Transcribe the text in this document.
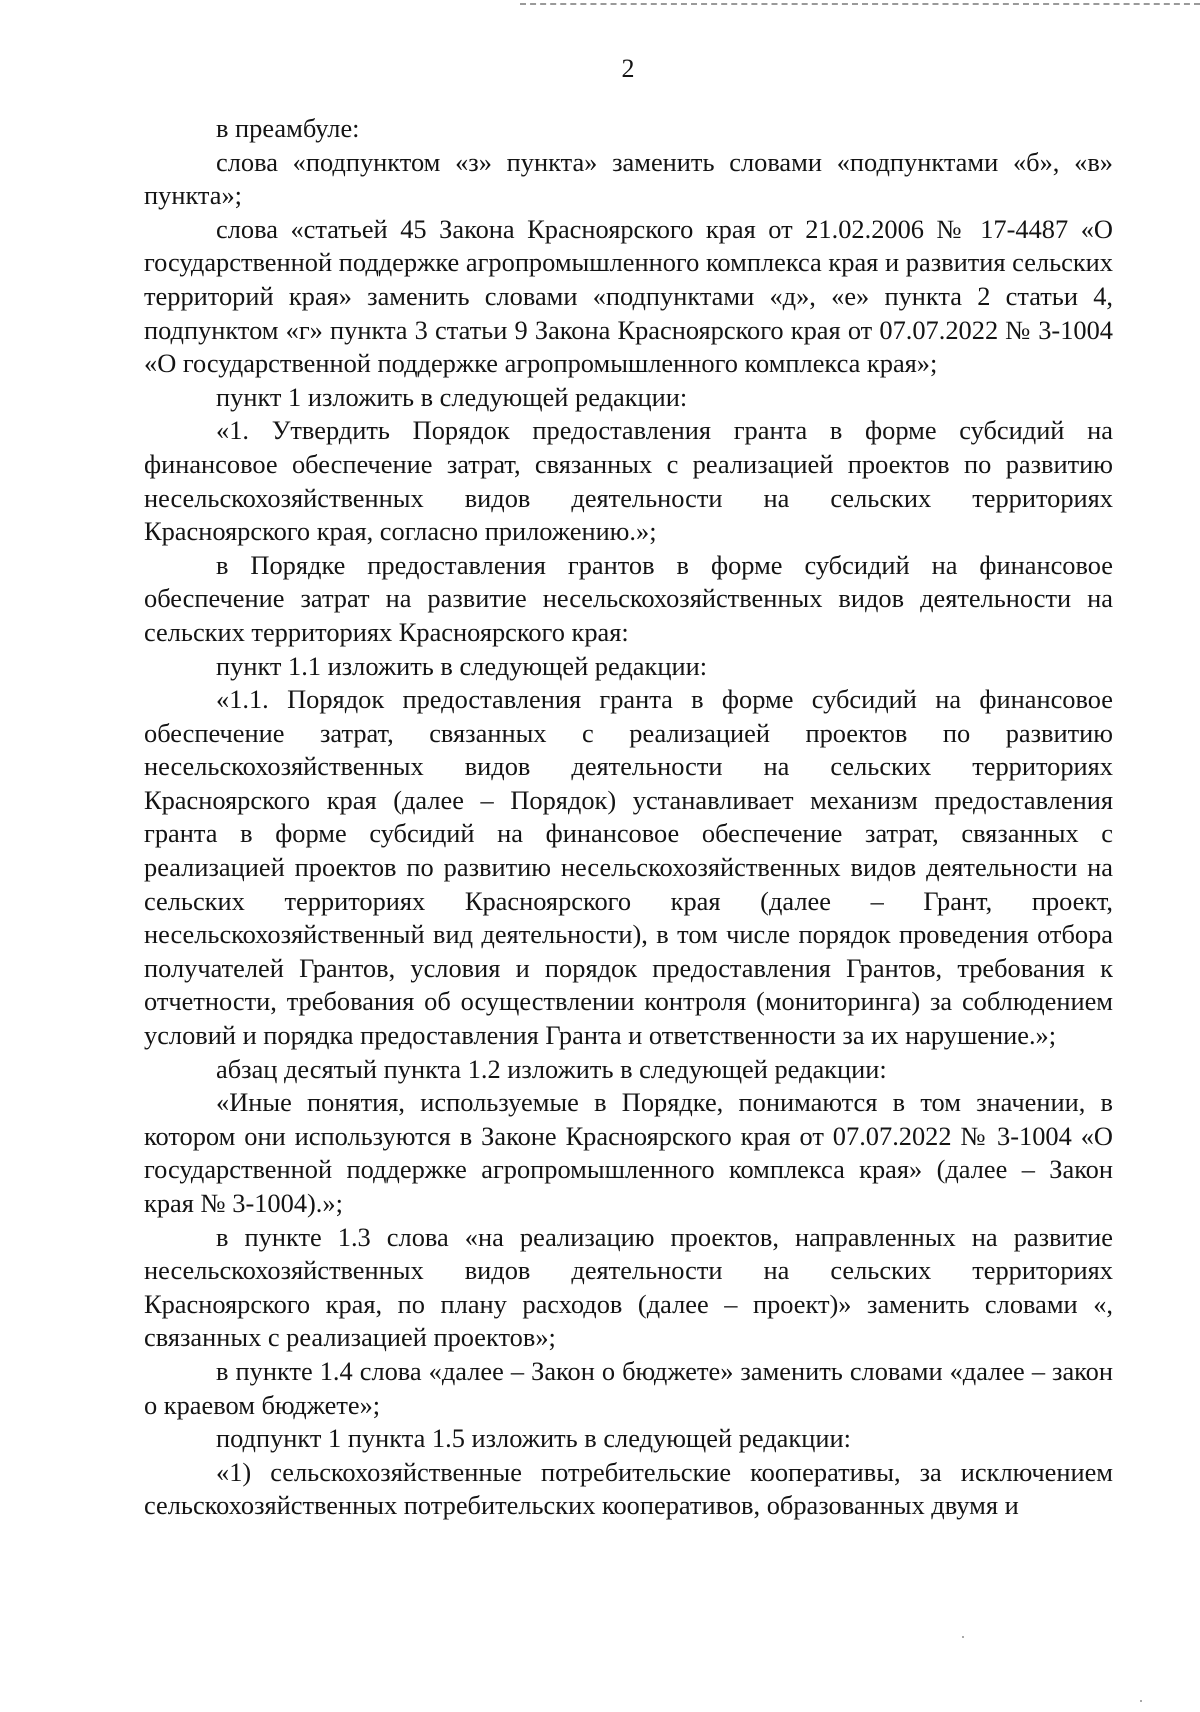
2

в преамбуле:

слова «подпунктом «з» пункта» заменить словами «подпунктами «б», «в» пункта»;

слова «статьей 45 Закона Красноярского края от 21.02.2006 № 17-4487 «О государственной поддержке агропромышленного комплекса края и развития сельских территорий края» заменить словами «подпунктами «д», «е» пункта 2 статьи 4, подпунктом «г» пункта 3 статьи 9 Закона Красноярского края от 07.07.2022 № 3-1004 «О государственной поддержке агропромышленного комплекса края»;

пункт 1 изложить в следующей редакции:

«1. Утвердить Порядок предоставления гранта в форме субсидий на финансовое обеспечение затрат, связанных с реализацией проектов по развитию несельскохозяйственных видов деятельности на сельских территориях Красноярского края, согласно приложению.»;

в Порядке предоставления грантов в форме субсидий на финансовое обеспечение затрат на развитие несельскохозяйственных видов деятельности на сельских территориях Красноярского края:

пункт 1.1 изложить в следующей редакции:

«1.1. Порядок предоставления гранта в форме субсидий на финансовое обеспечение затрат, связанных с реализацией проектов по развитию несельскохозяйственных видов деятельности на сельских территориях Красноярского края (далее – Порядок) устанавливает механизм предоставления гранта в форме субсидий на финансовое обеспечение затрат, связанных с реализацией проектов по развитию несельскохозяйственных видов деятельности на сельских территориях Красноярского края (далее – Грант, проект, несельскохозяйственный вид деятельности), в том числе порядок проведения отбора получателей Грантов, условия и порядок предоставления Грантов, требования к отчетности, требования об осуществлении контроля (мониторинга) за соблюдением условий и порядка предоставления Гранта и ответственности за их нарушение.»;

абзац десятый пункта 1.2 изложить в следующей редакции:

«Иные понятия, используемые в Порядке, понимаются в том значении, в котором они используются в Законе Красноярского края от 07.07.2022 № 3-1004 «О государственной поддержке агропромышленного комплекса края» (далее – Закон края № 3-1004).»;

в пункте 1.3 слова «на реализацию проектов, направленных на развитие несельскохозяйственных видов деятельности на сельских территориях Красноярского края, по плану расходов (далее – проект)» заменить словами «, связанных с реализацией проектов»;

в пункте 1.4 слова «далее – Закон о бюджете» заменить словами «далее – закон о краевом бюджете»;

подпункт 1 пункта 1.5 изложить в следующей редакции:

«1) сельскохозяйственные потребительские кооперативы, за исключением сельскохозяйственных потребительских кооперативов, образованных двумя и
